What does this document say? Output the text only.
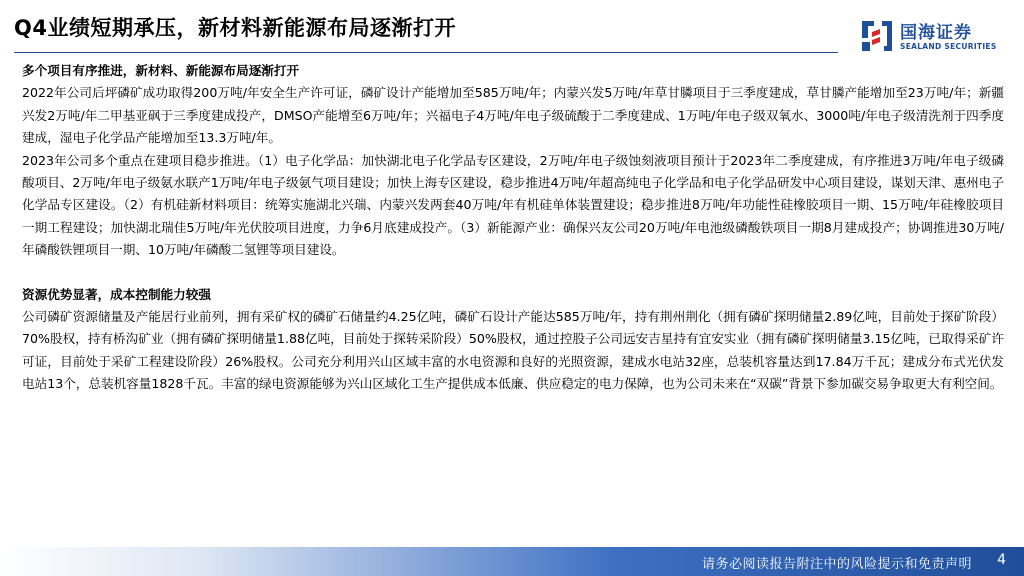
Q4业绩短期承压，新材料新能源布局逐渐打开	国海证券
SEALAND SECURITIES

多个项目有序推进，新材料、新能源布局逐渐打开

2022年公司后坪磷矿成功取得200万吨/年安全生产许可证，磷矿设计产能增加至585万吨/年；内蒙兴发5万吨/年草甘膦项目于三季度建成，草甘膦产能增加至23万吨/年；新疆兴发2万吨/年二甲基亚砜于三季度建成投产，DMSO产能增至6万吨/年；兴福电子4万吨/年电子级硫酸于二季度建成、1万吨/年电子级双氧水、3000吨/年电子级清洗剂于四季度建成，湿电子化学品产能增加至13.3万吨/年。

2023年公司多个重点在建项目稳步推进。（1）电子化学品：加快湖北电子化学品专区建设，2万吨/年电子级蚀刻液项目预计于2023年二季度建成，有序推进3万吨/年电子级磷酸项目、2万吨/年电子级氨水联产1万吨/年电子级氨气项目建设；加快上海专区建设，稳步推进4万吨/年超高纯电子化学品和电子化学品研发中心项目建设，谋划天津、惠州电子化学品专区建设。（2）有机硅新材料项目：统筹实施湖北兴瑞、内蒙兴发两套40万吨/年有机硅单体装置建设；稳步推进8万吨/年功能性硅橡胶项目一期、15万吨/年硅橡胶项目一期工程建设；加快湖北瑞佳5万吨/年光伏胶项目进度，力争6月底建成投产。（3）新能源产业：确保兴友公司20万吨/年电池级磷酸铁项目一期8月建成投产；协调推进30万吨/年磷酸铁锂项目一期、10万吨/年磷酸二氢锂等项目建设。

资源优势显著，成本控制能力较强

公司磷矿资源储量及产能居行业前列，拥有采矿权的磷矿石储量约4.25亿吨，磷矿石设计产能达585万吨/年，持有荆州荆化（拥有磷矿探明储量2.89亿吨，目前处于探矿阶段）70%股权，持有桥沟矿业（拥有磷矿探明储量1.88亿吨，目前处于探转采阶段）50%股权，通过控股子公司远安吉星持有宜安实业（拥有磷矿探明储量3.15亿吨，已取得采矿许可证，目前处于采矿工程建设阶段）26%股权。公司充分利用兴山区域丰富的水电资源和良好的光照资源，建成水电站32座，总装机容量达到17.84万千瓦；建成分布式光伏发电站13个，总装机容量1828千瓦。丰富的绿电资源能够为兴山区域化工生产提供成本低廉、供应稳定的电力保障，也为公司未来在“双碳”背景下参加碳交易争取更大有利空间。

请务必阅读报告附注中的风险提示和免责声明 4
